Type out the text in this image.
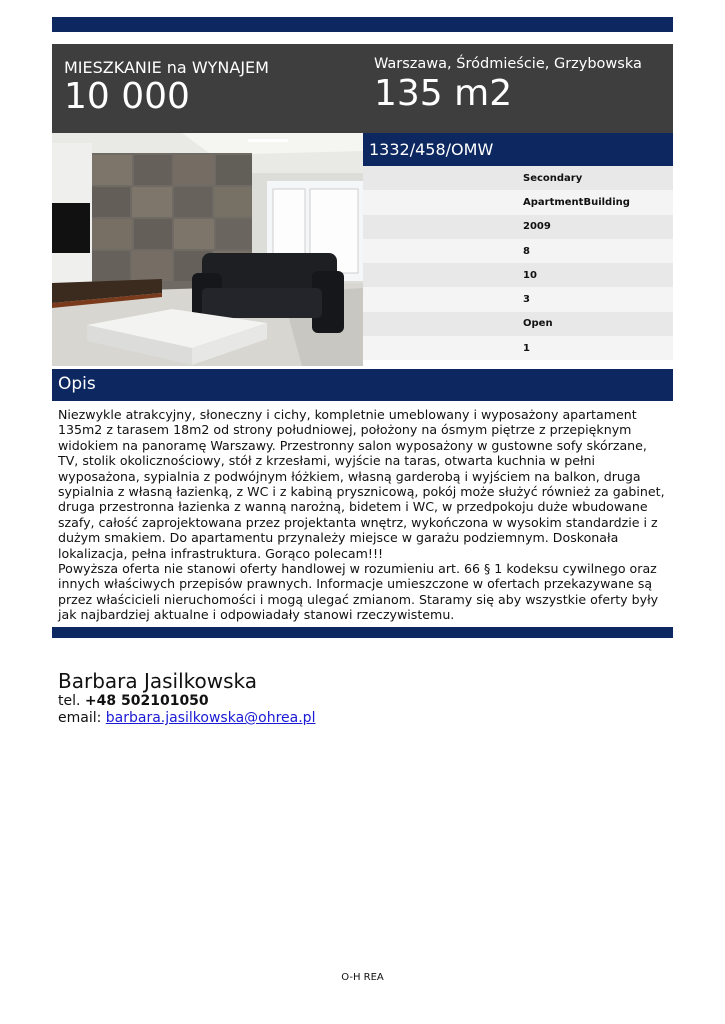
MIESZKANIE na WYNAJEM
10 000
Warszawa, Śródmieście, Grzybowska
135 m2
1332/458/OMW
Secondary
ApartmentBuilding
2009
8
10
3
Open
1
Opis

Niezwykle atrakcyjny, słoneczny i cichy, kompletnie umeblowany i wyposażony apartament 135m2 z tarasem 18m2 od strony południowej, położony na ósmym piętrze z przepięknym widokiem na panoramę Warszawy. Przestronny salon wyposażony w gustowne sofy skórzane, TV, stolik okolicznościowy, stół z krzesłami, wyjście na taras, otwarta kuchnia w pełni wyposażona, sypialnia z podwójnym łóżkiem, własną garderobą i wyjściem na balkon, druga sypialnia z własną łazienką, z WC i z kabiną prysznicową, pokój może służyć również za gabinet, druga przestronna łazienka z wanną narożną, bidetem i WC, w przedpokoju duże wbudowane szafy, całość zaprojektowana przez projektanta wnętrz, wykończona w wysokim standardzie i z dużym smakiem. Do apartamentu przynależy miejsce w garażu podziemnym. Doskonała lokalizacja, pełna infrastruktura. Gorąco polecam!!!

Powyższa oferta nie stanowi oferty handlowej w rozumieniu art. 66 § 1 kodeksu cywilnego oraz innych właściwych przepisów prawnych. Informacje umieszczone w ofertach przekazywane są przez właścicieli nieruchomości i mogą ulegać zmianom. Staramy się aby wszystkie oferty były jak najbardziej aktualne i odpowiadały stanowi rzeczywistemu.

Barbara Jasilkowska
tel. +48 502101050
email: barbara.jasilkowska@ohrea.pl
O-H REA
